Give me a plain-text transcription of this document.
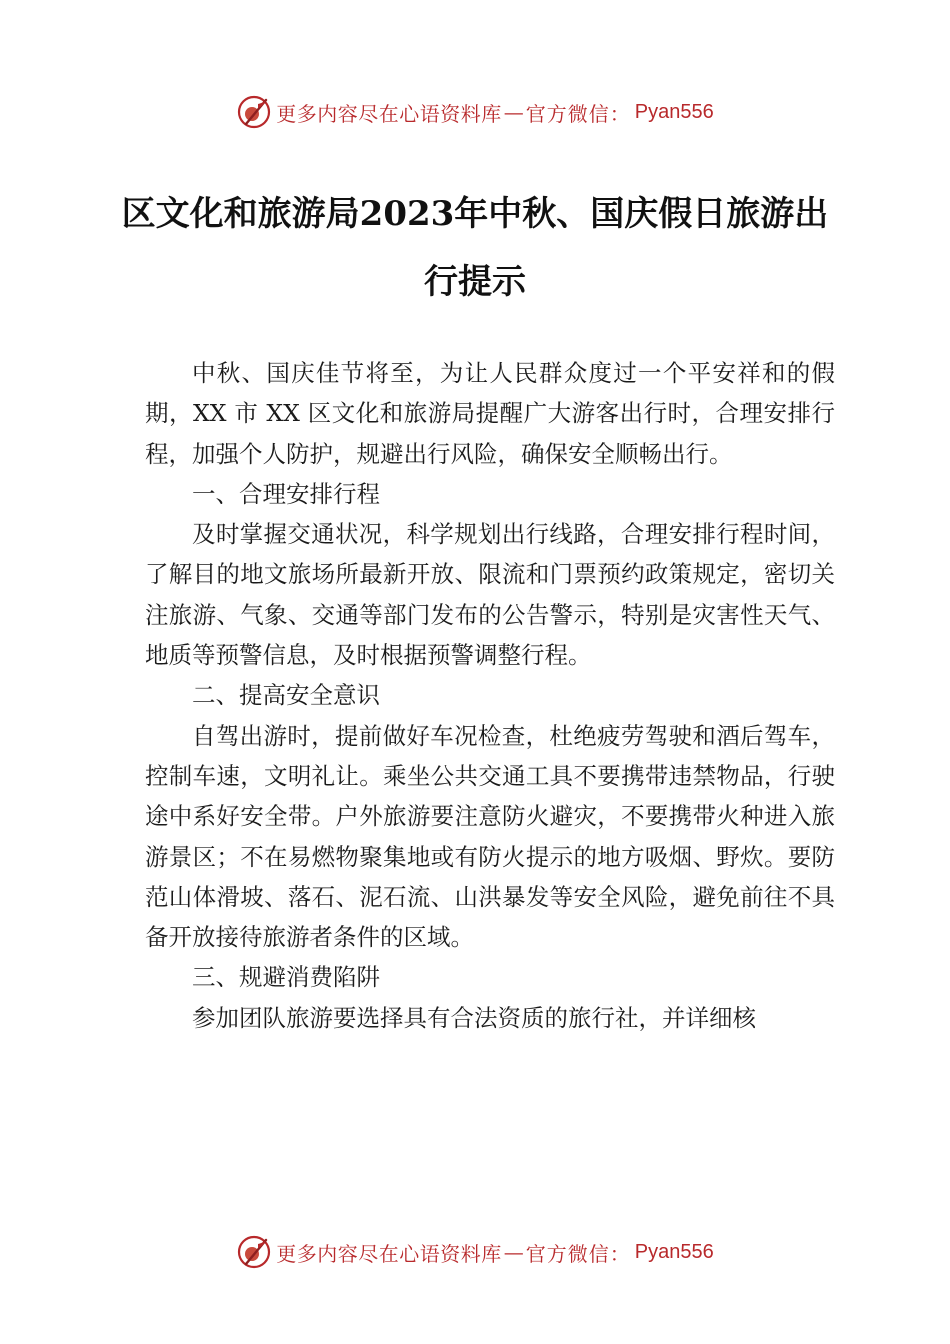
更多内容尽在心语资料库 — 官方微信： Pyan556
区文化和旅游局2023年中秋、国庆假日旅游出行提示

中秋、国庆佳节将至，为让人民群众度过一个平安祥和的假期，XX 市 XX 区文化和旅游局提醒广大游客出行时，合理安排行程，加强个人防护，规避出行风险，确保安全顺畅出行。

一、合理安排行程

及时掌握交通状况，科学规划出行线路，合理安排行程时间，了解目的地文旅场所最新开放、限流和门票预约政策规定，密切关注旅游、气象、交通等部门发布的公告警示，特别是灾害性天气、地质等预警信息，及时根据预警调整行程。

二、提高安全意识

自驾出游时，提前做好车况检查，杜绝疲劳驾驶和酒后驾车，控制车速，文明礼让。乘坐公共交通工具不要携带违禁物品，行驶途中系好安全带。户外旅游要注意防火避灾，不要携带火种进入旅游景区；不在易燃物聚集地或有防火提示的地方吸烟、野炊。要防范山体滑坡、落石、泥石流、山洪暴发等安全风险，避免前往不具备开放接待旅游者条件的区域。

三、规避消费陷阱

参加团队旅游要选择具有合法资质的旅行社，并详细核

更多内容尽在心语资料库 — 官方微信： Pyan556
